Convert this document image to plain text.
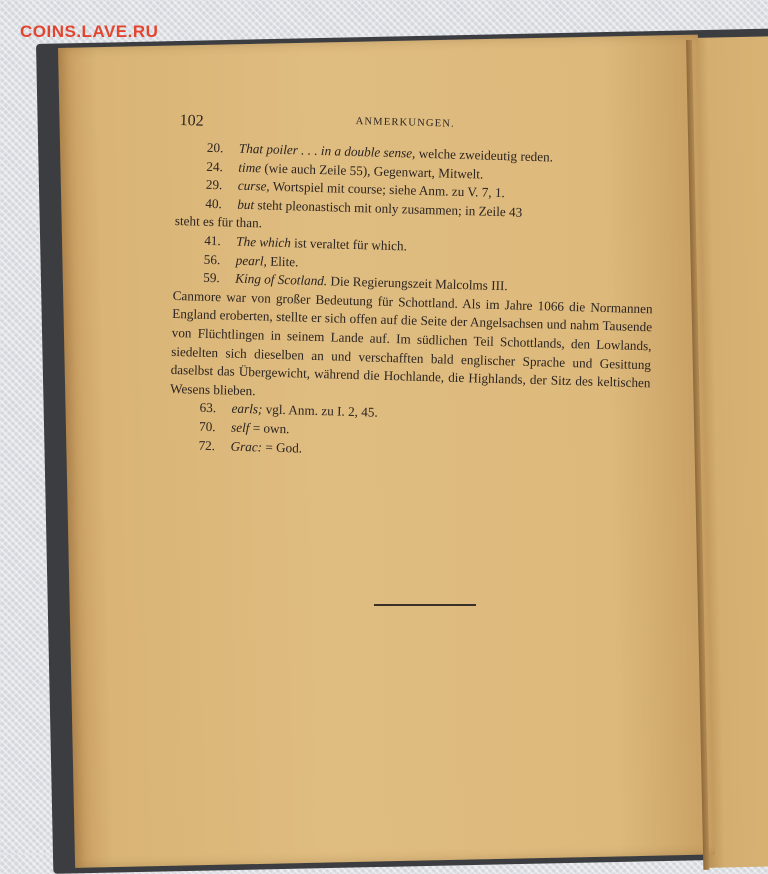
COINS.LAVE.RU
102	ANMERKUNGEN.

20. That poiler . . . in a double sense, welche zweideutig reden.

24. time (wie auch Zeile 55), Gegenwart, Mitwelt.

29. curse, Wortspiel mit course; siehe Anm. zu V. 7, 1.

40. but steht pleonastisch mit only zusammen; in Zeile 43

steht es für than.

41. The which ist veraltet für which.

56. pearl, Elite.

59. King of Scotland. Die Regierungszeit Malcolms III.

Canmore war von großer Bedeutung für Schottland. Als im Jahre 1066 die Normannen England eroberten, stellte er sich offen auf die Seite der Angelsachsen und nahm Tausende von Flüchtlingen in seinem Lande auf. Im südlichen Teil Schottlands, den Lowlands, siedelten sich dieselben an und verschafften bald englischer Sprache und Gesittung daselbst das Übergewicht, während die Hochlande, die Highlands, der Sitz des keltischen Wesens blieben.

63. earls; vgl. Anm. zu I. 2, 45.

70. self = own.

72. Grac: = God.
